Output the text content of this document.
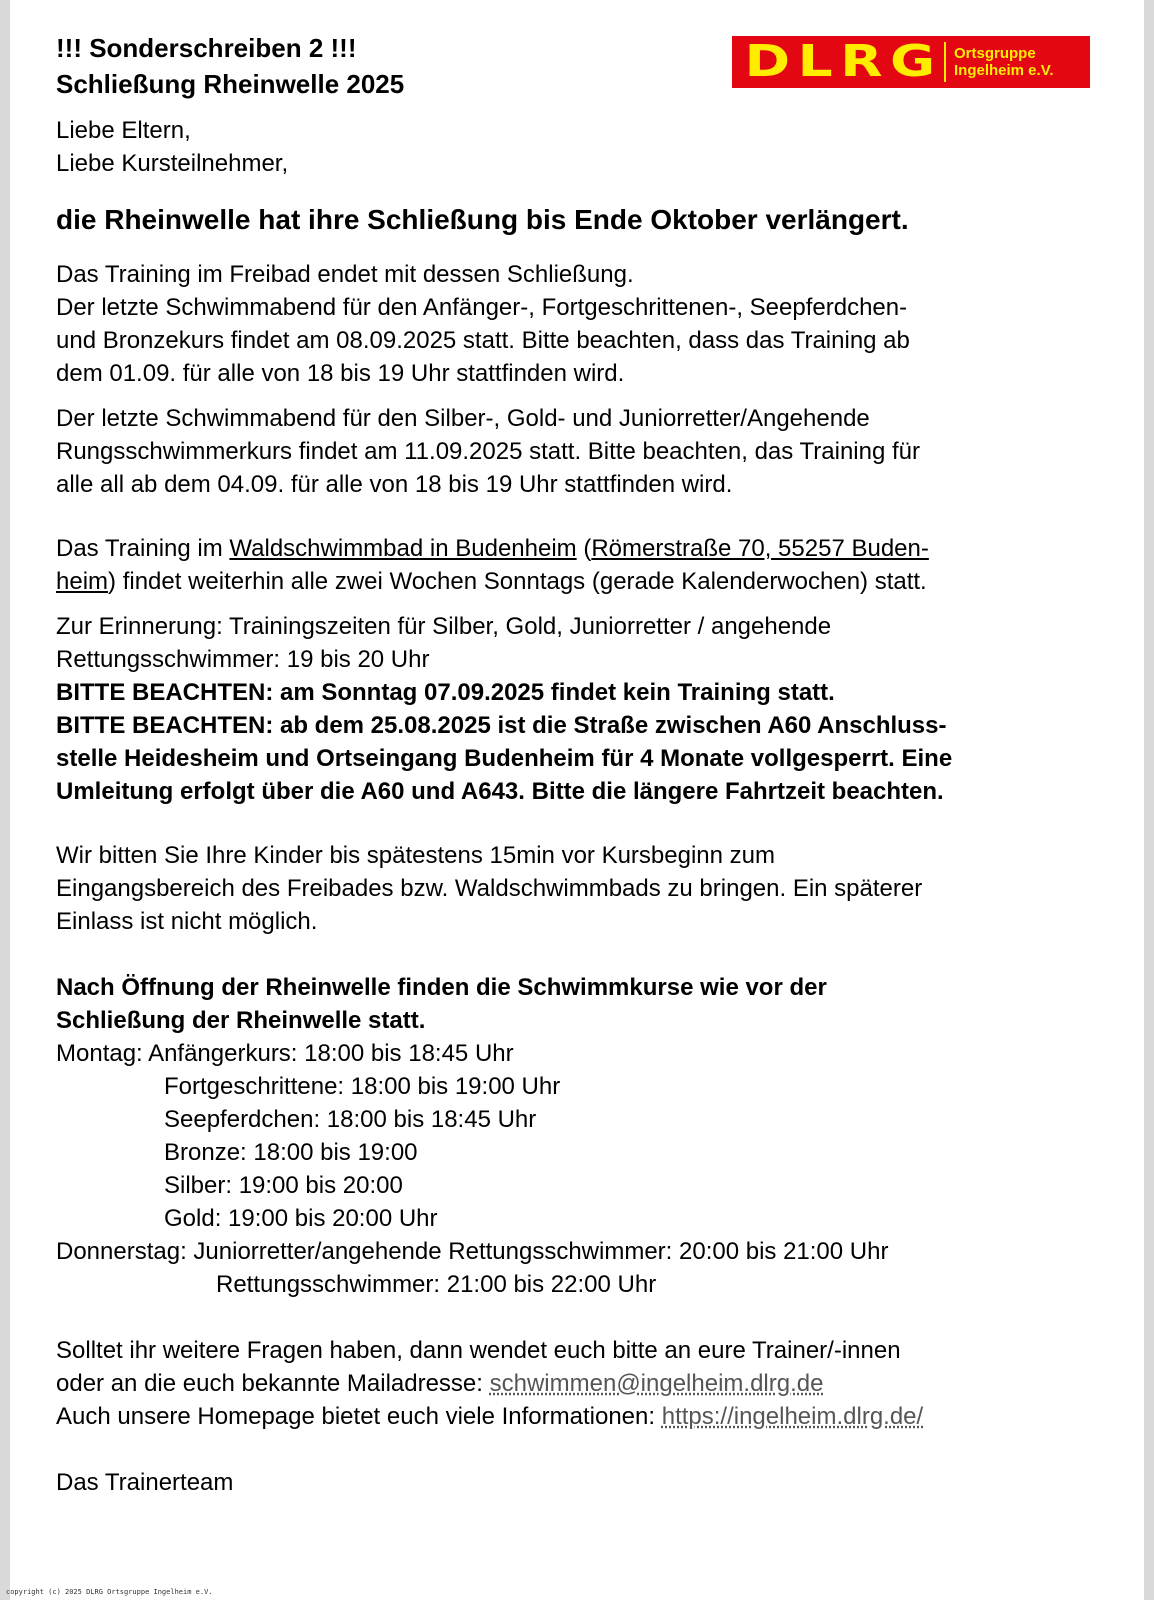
DLRG Ortsgruppe
Ingelheim e.V.
!!! Sonderschreiben 2 !!!
Schließung Rheinwelle 2025
Liebe Eltern,
Liebe Kursteilnehmer,
die Rheinwelle hat ihre Schließung bis Ende Oktober verlängert.
Das Training im Freibad endet mit dessen Schließung.
Der letzte Schwimmabend für den Anfänger-, Fortgeschrittenen-, Seepferdchen-
und Bronzekurs findet am 08.09.2025 statt. Bitte beachten, dass das Training ab
dem 01.09. für alle von 18 bis 19 Uhr stattfinden wird.
Der letzte Schwimmabend für den Silber-, Gold- und Juniorretter/Angehende
Rungsschwimmerkurs findet am 11.09.2025 statt. Bitte beachten, das Training für
alle all ab dem 04.09. für alle von 18 bis 19 Uhr stattfinden wird.
Das Training im Waldschwimmbad in Budenheim (Römerstraße 70, 55257 Buden-
heim) findet weiterhin alle zwei Wochen Sonntags (gerade Kalenderwochen) statt.
Zur Erinnerung: Trainingszeiten für Silber, Gold, Juniorretter / angehende
Rettungsschwimmer: 19 bis 20 Uhr
BITTE BEACHTEN: am Sonntag 07.09.2025 findet kein Training statt.
BITTE BEACHTEN: ab dem 25.08.2025 ist die Straße zwischen A60 Anschluss-
stelle Heidesheim und Ortseingang Budenheim für 4 Monate vollgesperrt. Eine
Umleitung erfolgt über die A60 und A643. Bitte die längere Fahrtzeit beachten.
Wir bitten Sie Ihre Kinder bis spätestens 15min vor Kursbeginn zum
Eingangsbereich des Freibades bzw. Waldschwimmbads zu bringen. Ein späterer
Einlass ist nicht möglich.
Nach Öffnung der Rheinwelle finden die Schwimmkurse wie vor der
Schließung der Rheinwelle statt.
Montag: Anfängerkurs: 18:00 bis 18:45 Uhr
Fortgeschrittene: 18:00 bis 19:00 Uhr
Seepferdchen: 18:00 bis 18:45 Uhr
Bronze: 18:00 bis 19:00
Silber: 19:00 bis 20:00
Gold: 19:00 bis 20:00 Uhr
Donnerstag: Juniorretter/angehende Rettungsschwimmer: 20:00 bis 21:00 Uhr
Rettungsschwimmer: 21:00 bis 22:00 Uhr
Solltet ihr weitere Fragen haben, dann wendet euch bitte an eure Trainer/-innen
oder an die euch bekannte Mailadresse: schwimmen@ingelheim.dlrg.de
Auch unsere Homepage bietet euch viele Informationen: https://ingelheim.dlrg.de/
Das Trainerteam
copyright (c) 2025 DLRG Ortsgruppe Ingelheim e.V.
